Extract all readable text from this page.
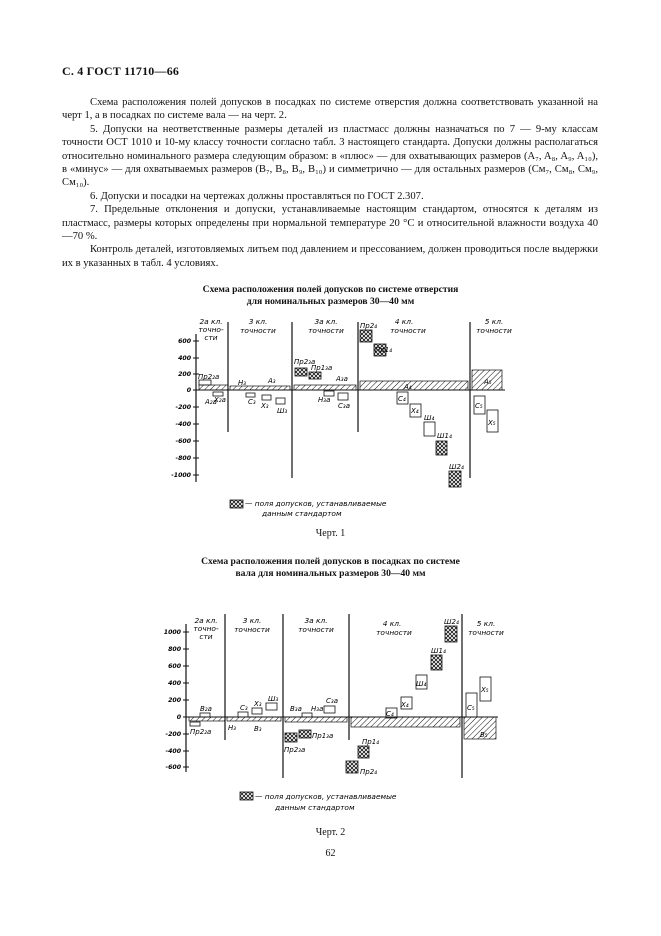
С. 4 ГОСТ 11710—66

Схема расположения полей допусков в посадках по системе отверстия должна соответствовать указанной на черт 1, а в посадках по системе вала — на черт. 2.

5. Допуски на неответственные размеры деталей из пластмасс должны назначаться по 7 — 9-му классам точности ОСТ 1010 и 10-му классу точности согласно табл. 3 настоящего стандарта. Допуски должны располагаться относительно номинального размера следующим образом: в «плюс» — для охватывающих размеров (A₇, A₈, A₉, A₁₀), в «минус» — для охватываемых размеров (B₇, B₈, B₉, B₁₀) и симметрично — для остальных размеров (См₇, См₈, См₉, См₁₀).

6. Допуски и посадки на чертежах должны проставляться по ГОСТ 2.307.

7. Предельные отклонения и допуски, устанавливаемые настоящим стандартом, относятся к деталям из пластмасс, размеры которых определены при нормальной температуре 20 °С и относительной влажности воздуха 40—70 %.

Контроль деталей, изготовляемых литьем под давлением и прессованием, должен проводиться после выдержки их в указанных в табл. 4 условиях.

Схема расположения полей допусков по системе отверстия
для номинальных размеров 30—40 мм
600
400
200
0
-200
-400
-600
-800
-1000
2а кл.
точно-
сти
3 кл.
точности
3а кл.
точности
4 кл.
точности
5 кл.
точности
Пр2₂а
А₂а
Х₂а
Н₃	А₃
С₃ Х₃
Ш₃
Пр2₃а
Пр1₃а
А₃а
Н₃а
С₃а
Пр2₄
Пр1₄
А₄
С₄
Х₄
Ш₄
Ш1₄
Ш2₄
А₅
С₅
Х₅
— поля допусков, устанавливаемые
данным стандартом
Черт. 1
Схема расположения полей допусков в посадках по системе
вала для номинальных размеров 30—40 мм
1000
800
600
400
200
0
-200
-400
-600
2а кл.
точно-
сти
3 кл.
точности
3а кл.
точности
4 кл.
точности
5 кл.
точности
В₂а
Пр2₂а Н₃	В₃
С₃ Х₃
Ш₃
В₃а Н₃а
С₃а
Пр2₃а
Пр1₃а
Пр1₄
Пр2₄
С₄
Х₄
Ш₄
Ш1₄
Ш2₄
С₅
Х₅
В₅
— поля допусков, устанавливаемые
данным стандартом
Черт. 2
62
